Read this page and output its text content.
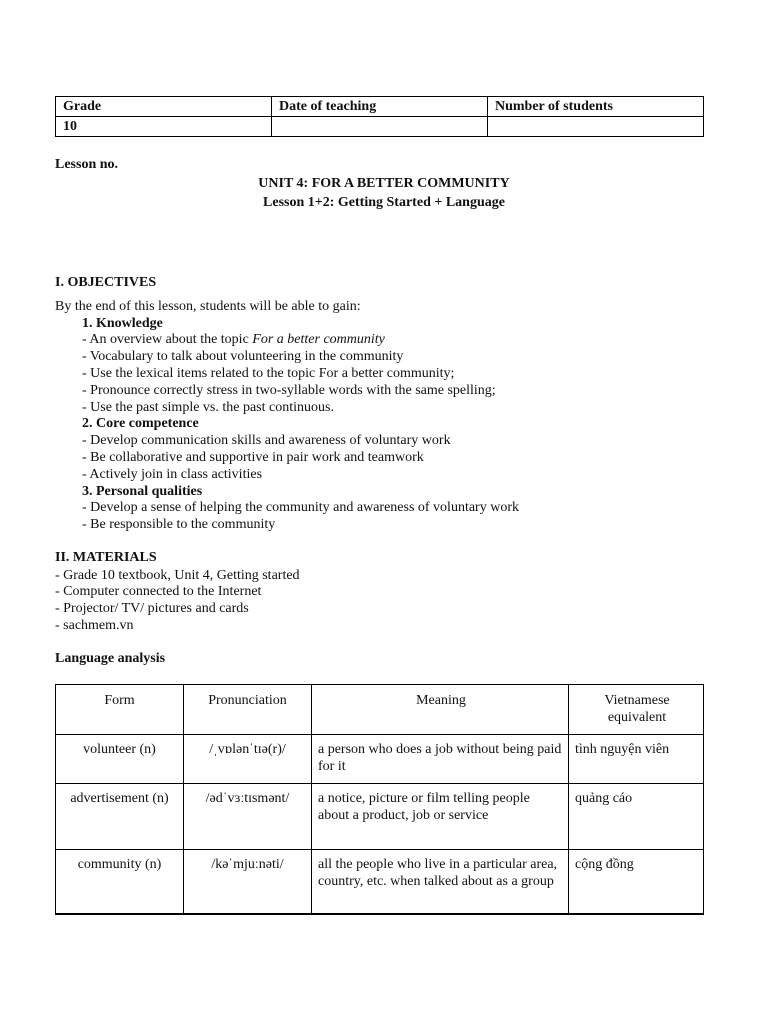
Grade	Date of teaching	Number of students
10		
Lesson no.
UNIT 4: FOR A BETTER COMMUNITY
Lesson 1+2: Getting Started + Language
I. OBJECTIVES
By the end of this lesson, students will be able to gain:
1. Knowledge
- An overview about the topic For a better community
- Vocabulary to talk about volunteering in the community
- Use the lexical items related to the topic For a better community;
- Pronounce correctly stress in two-syllable words with the same spelling;
- Use the past simple vs. the past continuous.
2. Core competence
- Develop communication skills and awareness of voluntary work
- Be collaborative and supportive in pair work and teamwork
- Actively join in class activities
3. Personal qualities
- Develop a sense of helping the community and awareness of voluntary work
- Be responsible to the community
II. MATERIALS
- Grade 10 textbook, Unit 4, Getting started
- Computer connected to the Internet
- Projector/ TV/ pictures and cards
- sachmem.vn
Language analysis
Form	Pronunciation	Meaning	Vietnamese equivalent
volunteer (n)	/ˌvɒlənˈtɪə(r)/	a person who does a job without being paid for it	tình nguyện viên
advertisement (n)	/ədˈvɜːtɪsmənt/	a notice, picture or film telling people about a product, job or service	quảng cáo
community (n)	/kəˈmjuːnəti/	all the people who live in a particular area, country, etc. when talked about as a group	cộng đồng
